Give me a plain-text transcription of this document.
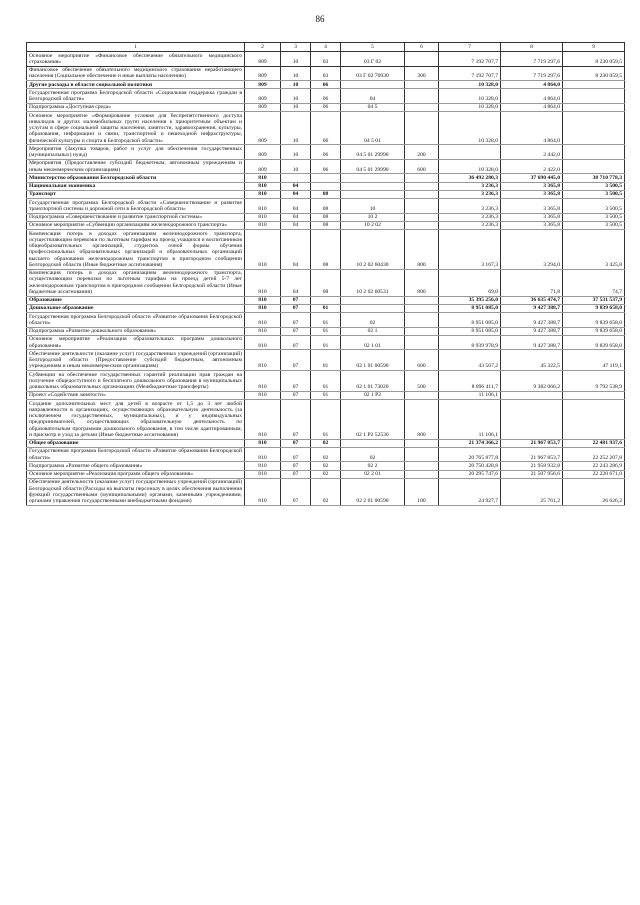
86
1	2	3	4	5	6	7	8	9
Основное мероприятие «Финансовое обеспечение обязательного медицинского страхования»	809	10	03	03 Г 02		7 192 707,7	7 719 297,6	8 230 059,5
Финансовое обеспечение обязательного медицинского страхования неработающего населения (Социальное обеспечение и иные выплаты населению)	809	10	03	03 Г 02 70930	300	7 192 707,7	7 719 297,6	8 230 059,5
Другие расходы в области социальной политики	809	10	06			10 328,0	4 864,0	
Государственная программа Белгородской области «Социальная поддержка граждан в Белгородской области»	809	10	06	04		10 328,0	4 864,0	
Подпрограмма «Доступная среда»	809	10	06	04 5		10 328,0	4 864,0	
Основное мероприятие «Формирование условия для беспрепятственного доступа инвалидов и других маломобильных групп населения к приоритетным объектам и услугам в сфере социальной защиты населения, занятости, здравоохранения, культуры, образования, информации и связи, транспортной и пешеходной инфраструктуры, физической культуры и спорта в Белгородской области»	809	10	06	04 5 01		10 328,0	4 864,0	
Мероприятия (Закупка товаров, работ и услуг для обеспечения государственных (муниципальных) нужд)	809	10	06	04 5 01 29990	200		2 442,0	
Мероприятия (Предоставление субсидий бюджетным, автономным учреждениям и иным некоммерческим организациям)	809	10	06	04 5 01 29990	600	10 328,0	2 422,0	
Министерство образования Белгородской области	810					36 492 280,3	37 690 445,0	38 710 778,3
Национальная экономика	810	04				3 236,3	3 365,8	3 500,5
Транспорт	810	04	08			3 236,3	3 365,8	3 500,5
Государственная программа Белгородской области «Совершенствование и развитие транспортной системы и дорожной сети в Белгородской области»	810	04	08	10		3 236,3	3 365,8	3 500,5
Подпрограмма «Совершенствование и развитие транспортной системы»	810	04	08	10 2		3 236,3	3 365,8	3 500,5
Основное мероприятие «Субвенции организациям железнодорожного транспорта»	810	04	08	10 2 02		3 236,3	3 365,8	3 500,5
Компенсация потерь в доходах организациям железнодорожного транспорта, осуществляющим перевозки по льготным тарифам на проезд учащихся и воспитанников общеобразовательных организаций, студентов очной формы обучения профессиональных образовательных организаций и образовательных организаций высшего образования железнодорожным транспортом в пригородном сообщении Белгородской области (Иные бюджетные ассигнования)	810	04	08	10 2 02 60430	800	3 167,3	3 294,0	3 425,8
Компенсация потерь в доходах организациям железнодорожного транспорта, осуществляющим перевозки по льготным тарифам на проезд детей 5-7 лет железнодорожным транспортом в пригородном сообщении Белгородской области (Иные бюджетные ассигнования)	810	04	08	10 2 02 60531	800	69,0	71,8	74,7
Образование	810	07				35 395 256,0	36 635 474,7	37 531 537,9
Дошкольное образование	810	07	01			8 951 085,0	9 427 388,7	9 839 658,0
Государственная программа Белгородской области «Развитие образования Белгородской области»	810	07	01	02		8 951 085,0	9 427 388,7	9 839 658,0
Подпрограмма «Развитие дошкольного образования»	810	07	01	02 1		8 951 085,0	9 427 388,7	9 839 658,0
Основное мероприятие «Реализация образовательных программ дошкольного образования»	810	07	01	02 1 01		8 939 978,9	9 427 388,7	9 839 658,0
Обеспечение деятельности (оказание услуг) государственных учреждений (организаций) Белгородской области (Предоставление субсидий бюджетным, автономным учреждениям и иным некоммерческим организациям)	810	07	01	02 1 01 00590	600	43 567,2	45 322,5	47 119,1
Субвенции на обеспечение государственных гарантий реализации прав граждан на получение общедоступного и бесплатного дошкольного образования в муниципальных дошкольных образовательных организациях (Межбюджетные трансферты)	810	07	01	02 1 01 73020	500	8 896 411,7	9 382 066,2	9 792 538,9
Проект «Содействие занятости»	810	07	01	02 1 P2		11 106,1		
Создание дополнительных мест для детей в возрасте от 1,5 до 3 лет любой направленности в организациях, осуществляющих образовательную деятельность (за исключением государственных, муниципальных), и у индивидуальных предпринимателей, осуществляющих образовательную деятельность по образовательным программам дошкольного образования, в том числе адаптированным, и присмотр и уход за детьми (Иные бюджетные ассигнования)	810	07	01	02 1 P2 52530	800	11 106,1		
Общее образование	810	07	02			21 374 366,2	21 967 853,7	22 481 937,6
Государственная программа Белгородской области «Развитие образования Белгородской области»	810	07	02	02		20 765 877,8	21 967 853,7	22 252 207,8
Подпрограмма «Развитие общего образования»	810	07	02	02 2		20 750 428,8	21 958 932,8	22 243 286,9
Основное мероприятие «Реализация программ общего образования»	810	07	02	02 2 01		20 295 747,6	21 507 956,6	22 220 671,0
Обеспечение деятельности (оказание услуг) государственных учреждений (организаций) Белгородской области (Расходы на выплаты персоналу в целях обеспечения выполнения функций государственными (муниципальными) органами, казенными учреждениями, органами управления государственными внебюджетными фондами)	810	07	02	02 2 01 00590	100	24 927,7	25 761,2	26 626,2
